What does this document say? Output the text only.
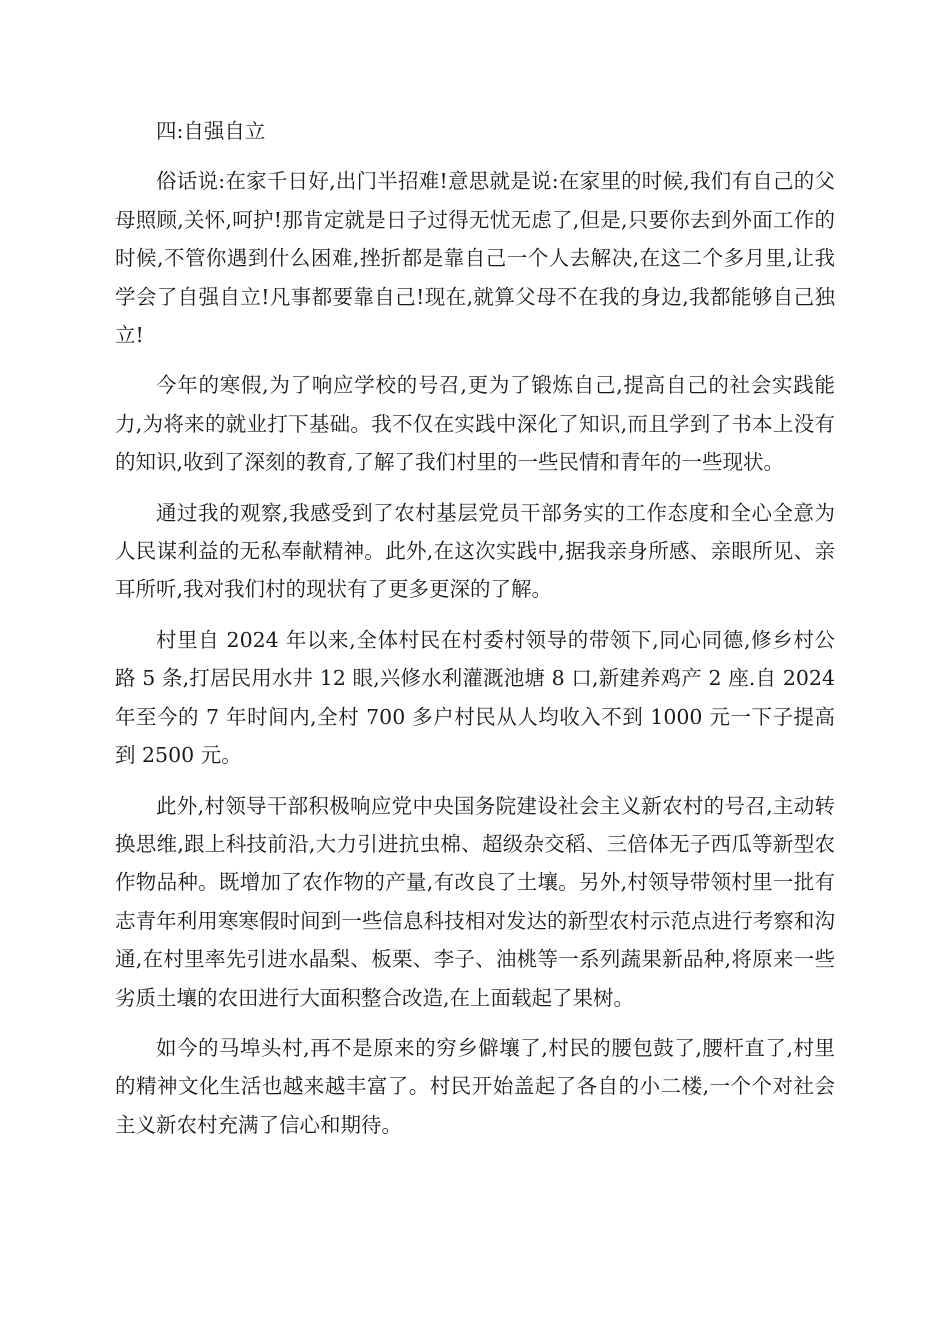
四:自强自立

俗话说:在家千日好,出门半招难!意思就是说:在家里的时候,我们有自己的父母照顾,关怀,呵护!那肯定就是日子过得无忧无虑了,但是,只要你去到外面工作的时候,不管你遇到什么困难,挫折都是靠自己一个人去解决,在这二个多月里,让我学会了自强自立!凡事都要靠自己!现在,就算父母不在我的身边,我都能够自己独立!

今年的寒假,为了响应学校的号召,更为了锻炼自己,提高自己的社会实践能力,为将来的就业打下基础。我不仅在实践中深化了知识,而且学到了书本上没有的知识,收到了深刻的教育,了解了我们村里的一些民情和青年的一些现状。

通过我的观察,我感受到了农村基层党员干部务实的工作态度和全心全意为人民谋利益的无私奉献精神。此外,在这次实践中,据我亲身所感、亲眼所见、亲耳所听,我对我们村的现状有了更多更深的了解。

村里自 2024 年以来,全体村民在村委村领导的带领下,同心同德,修乡村公路 5 条,打居民用水井 12 眼,兴修水利灌溉池塘 8 口,新建养鸡产 2 座.自 2024 年至今的 7 年时间内,全村 700 多户村民从人均收入不到 1000 元一下子提高到 2500 元。

此外,村领导干部积极响应党中央国务院建设社会主义新农村的号召,主动转换思维,跟上科技前沿,大力引进抗虫棉、超级杂交稻、三倍体无子西瓜等新型农作物品种。既增加了农作物的产量,有改良了土壤。另外,村领导带领村里一批有志青年利用寒寒假时间到一些信息科技相对发达的新型农村示范点进行考察和沟通,在村里率先引进水晶梨、板栗、李子、油桃等一系列蔬果新品种,将原来一些劣质土壤的农田进行大面积整合改造,在上面载起了果树。

如今的马埠头村,再不是原来的穷乡僻壤了,村民的腰包鼓了,腰杆直了,村里的精神文化生活也越来越丰富了。村民开始盖起了各自的小二楼,一个个对社会主义新农村充满了信心和期待。
